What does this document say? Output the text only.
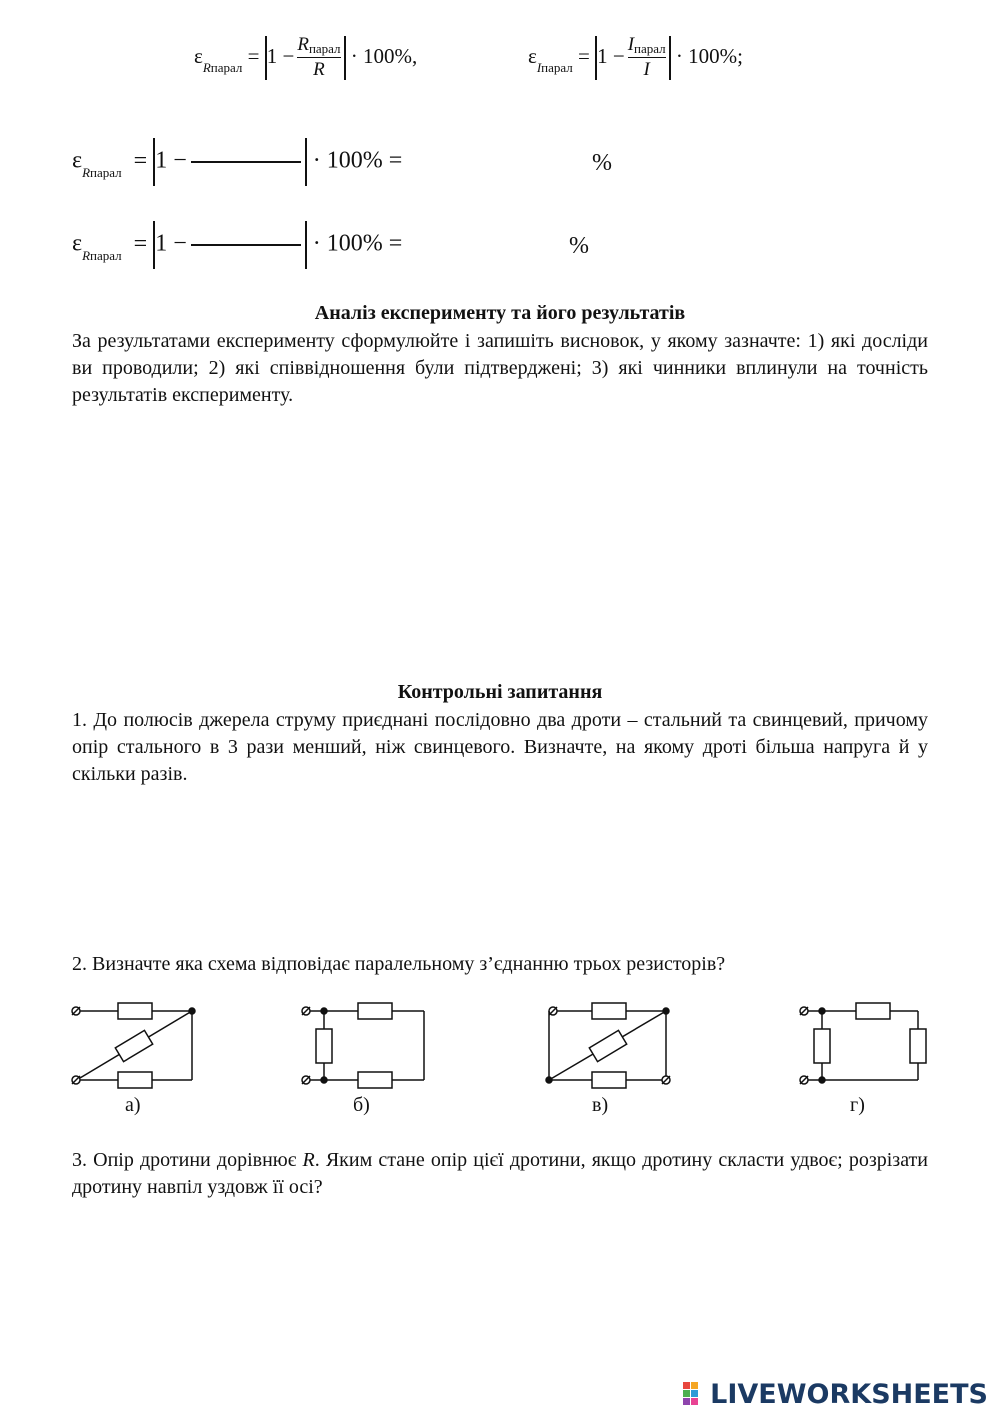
$\varepsilon_{Rпарал} = 1 - \frac{\text{Rпарал}}{R} \cdot 100\%$,	$\varepsilon_{Iпарал} = 1 - \frac{\text{Iпарал}}{I} \cdot 100\%$;
$\varepsilon_{Rпарал} = 1$ −	· 100% =	%
$\varepsilon_{Rпарал} = 1$ −	· 100% =	%
Аналіз експерименту та його результатів
За результатами експерименту сформулюйте і запишіть висновок, у якому зазначте: 1) які досліди ви проводили; 2) які співвідношення були підтверджені; 3) які чинники вплинули на точність результатів експерименту.
Контрольні запитання
1. До полюсів джерела струму приєднані послідовно два дроти – стальний та свинцевий, причому опір стального в 3 рази менший, ніж свинцевого. Визначте, на якому дроті більша напруга й у скільки разів.
2. Визначте яка схема відповідає паралельному з’єднанню трьох резисторів?
а)	б)	в)	г)
3. Опір дротини дорівнює R. Яким стане опір цієї дротини, якщо дротину скласти удвоє; розрізати дротину навпіл уздовж її осі?
LIVEWORKSHEETS
